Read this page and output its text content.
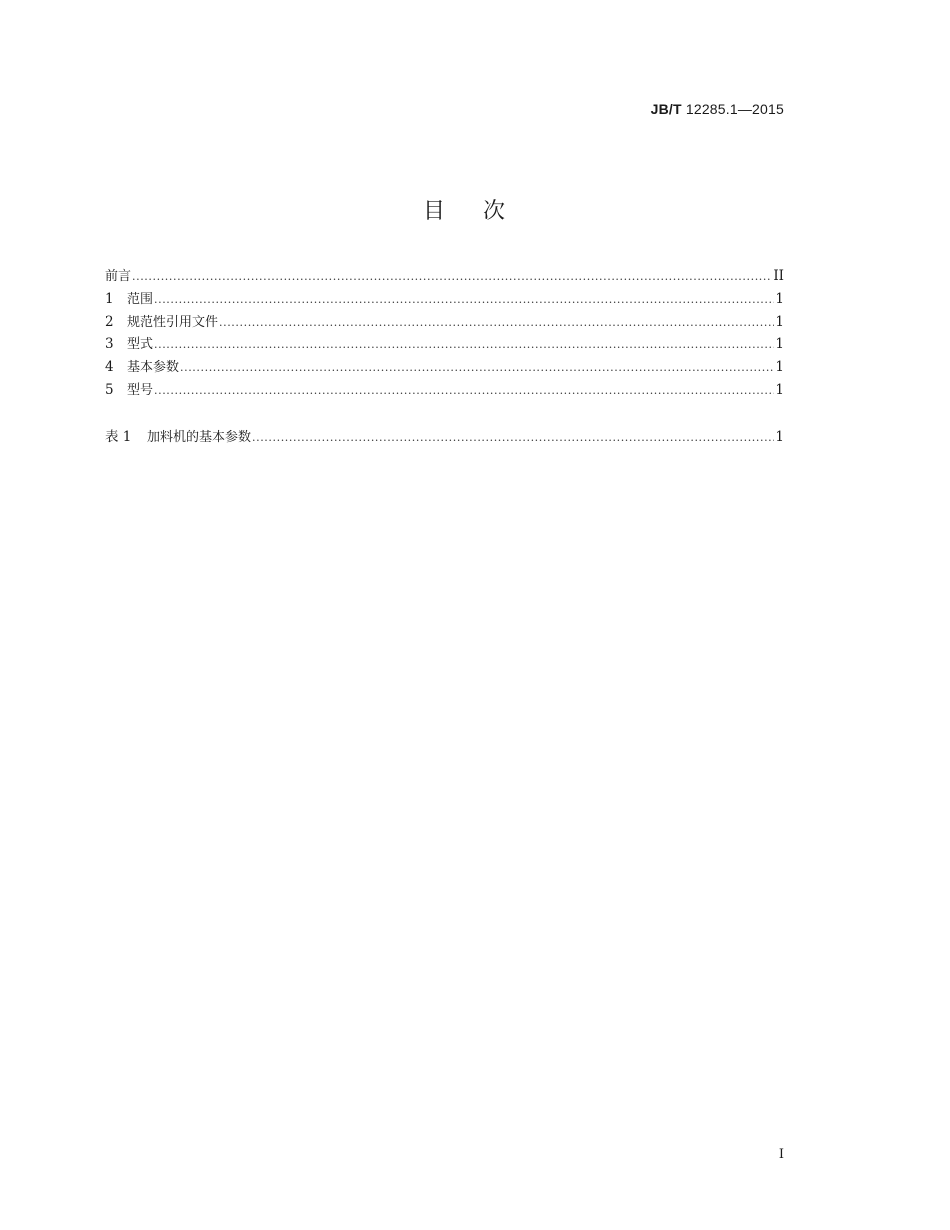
JB/T 12285.1—2015
目次
前言 .....	II
1	范围 .....	1
2	规范性引用文件 .....	1
3	型式 .....	1
4	基本参数 .....	1
5	型号 .....	1
表 1	加料机的基本参数 .....	1
I
